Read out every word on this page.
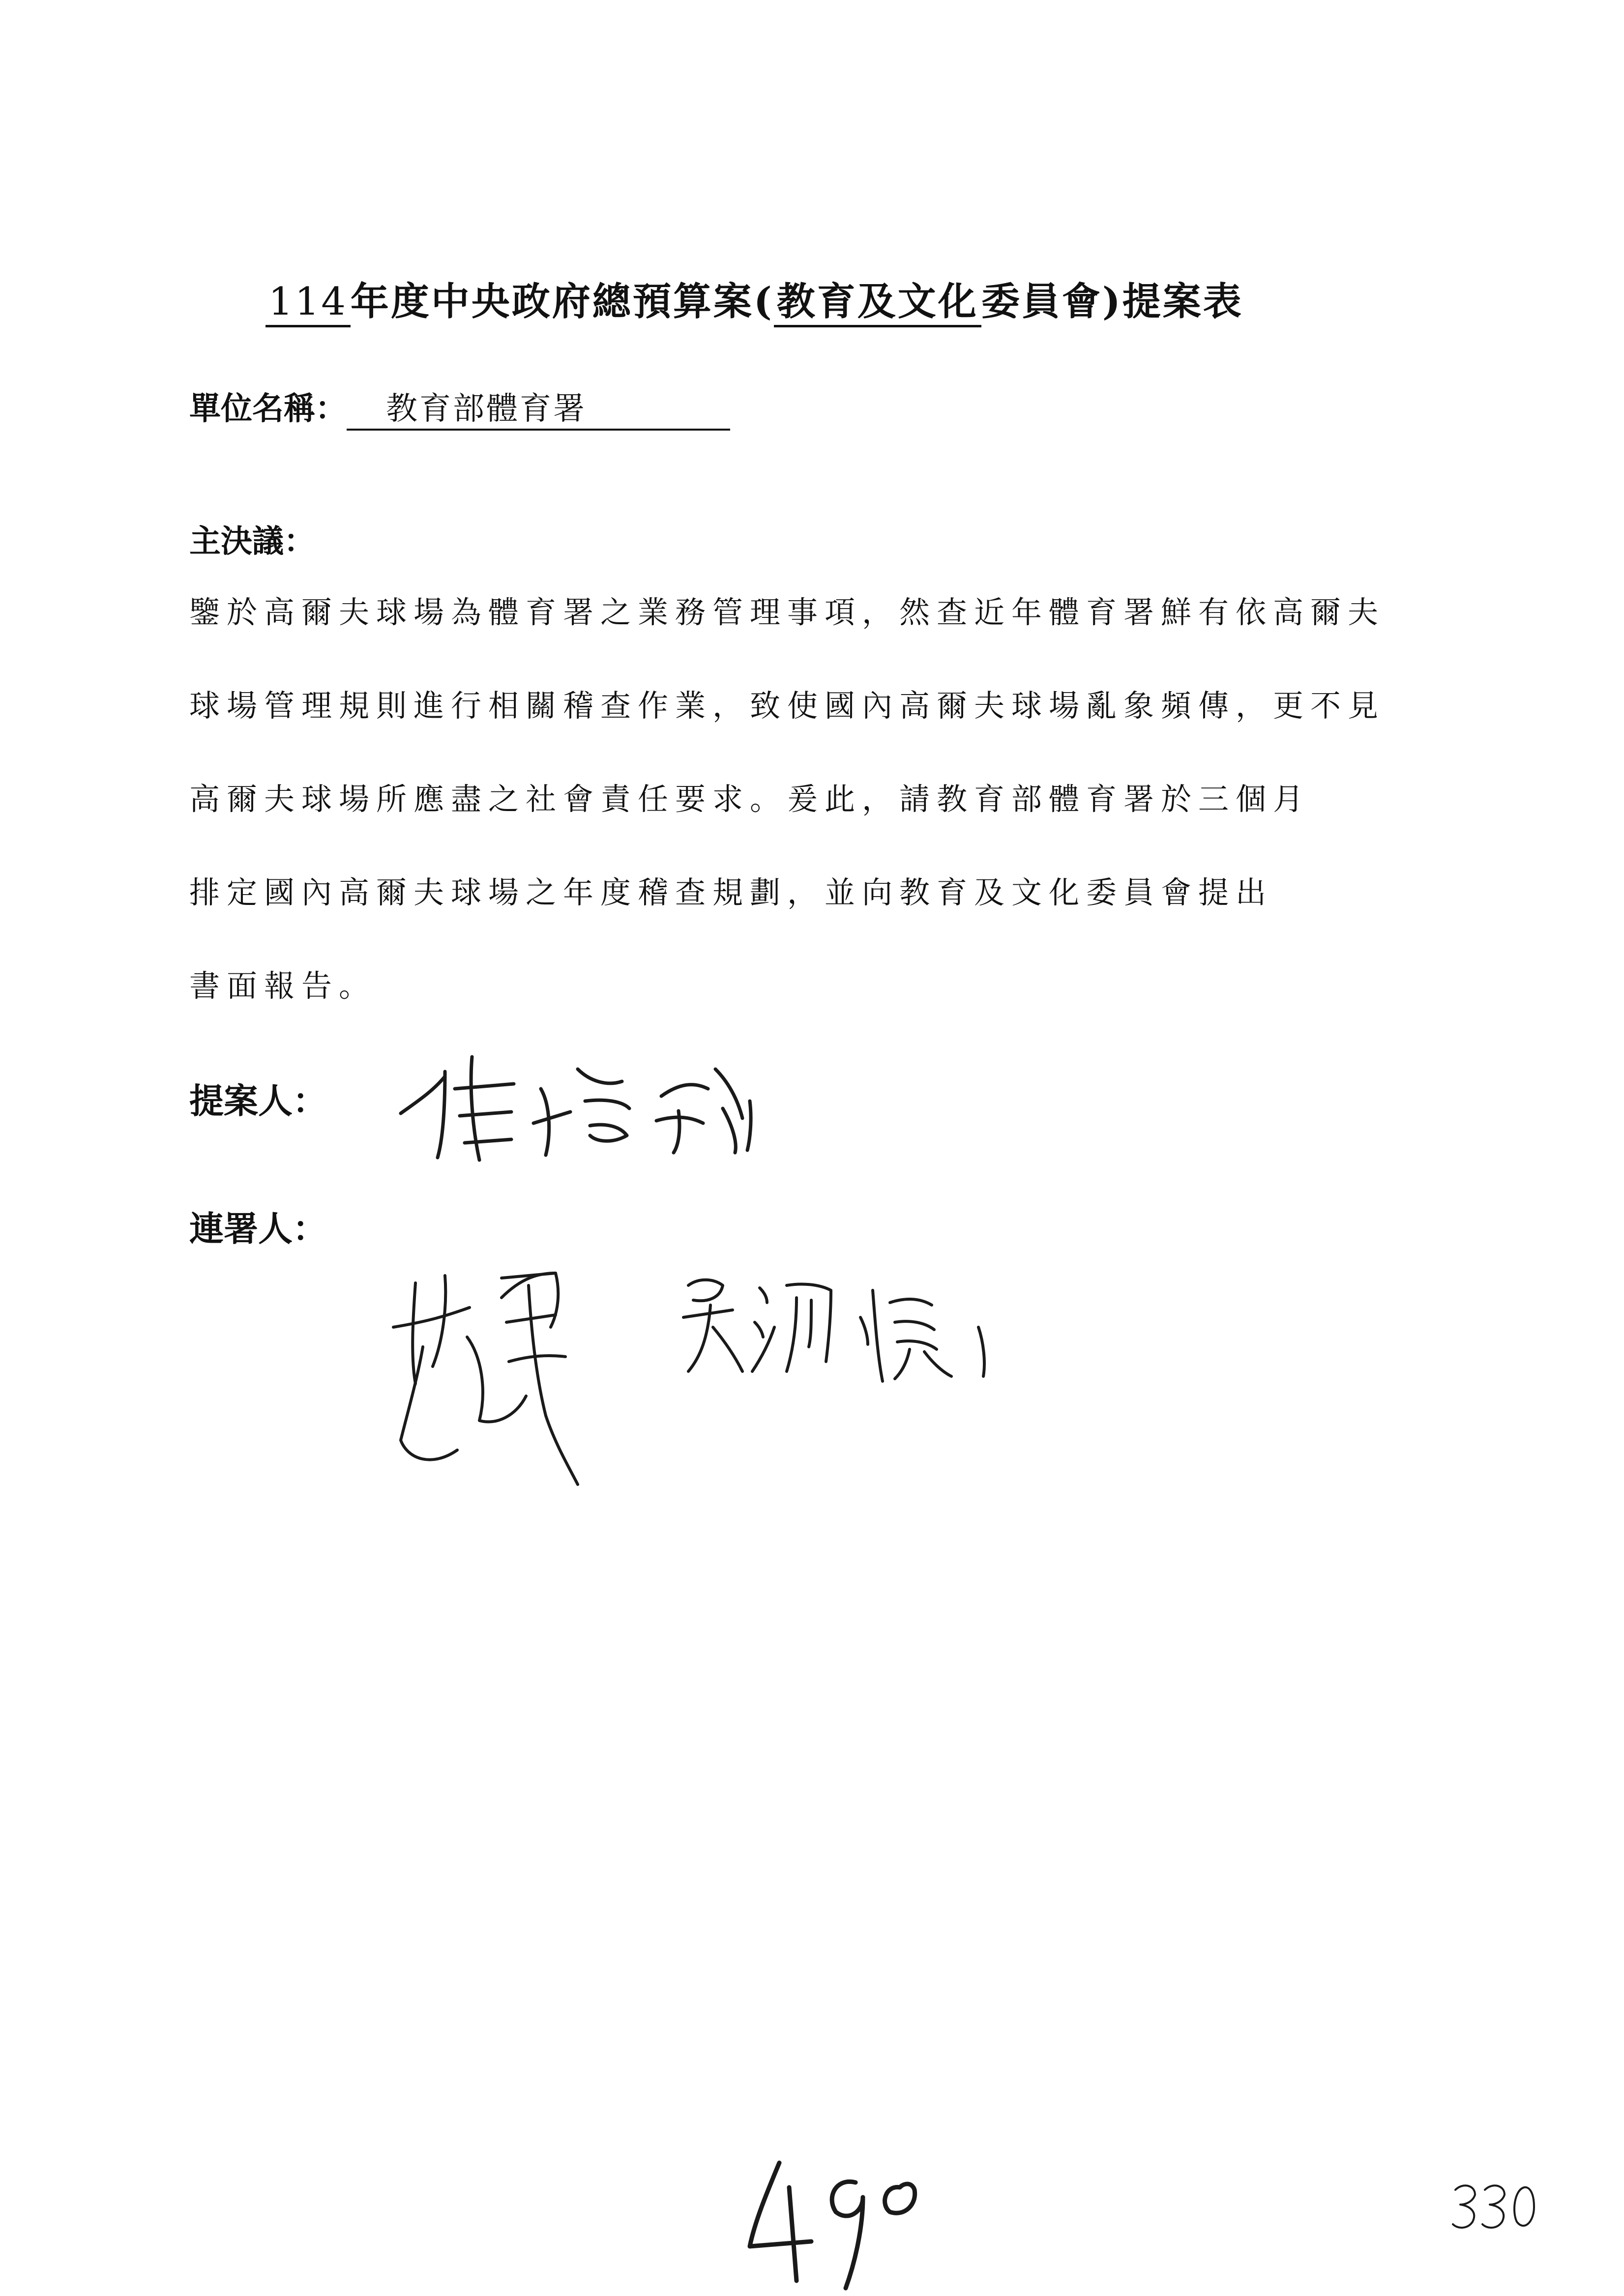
114年度中央政府總預算案(教育及文化委員會)提案表
單位名稱： 教育部體育署
主決議：
鑒於高爾夫球場為體育署之業務管理事項，然查近年體育署鮮有依高爾夫
球場管理規則進行相關稽查作業，致使國內高爾夫球場亂象頻傳，更不見
高爾夫球場所應盡之社會責任要求。爰此，請教育部體育署於三個月
排定國內高爾夫球場之年度稽查規劃，並向教育及文化委員會提出
書面報告。
提案人：
連署人：
